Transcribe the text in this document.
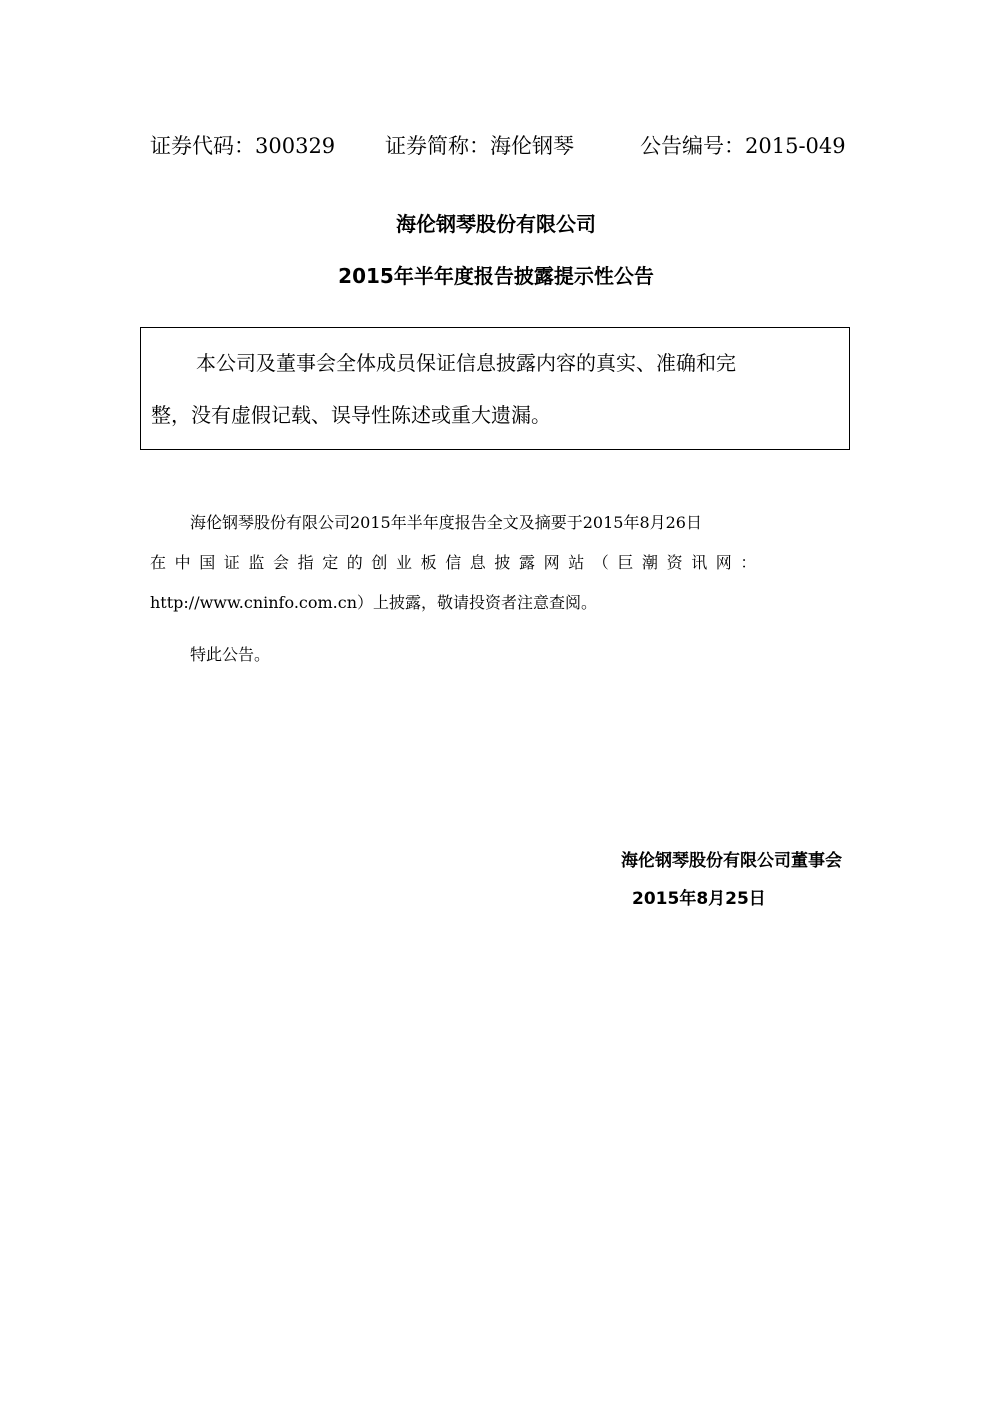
证券代码：300329 证券简称：海伦钢琴	公告编号：2015-049
海伦钢琴股份有限公司
2015年半年度报告披露提示性公告
本公司及董事会全体成员保证信息披露内容的真实、准确和完
整，没有虚假记载、误导性陈述或重大遗漏。
海伦钢琴股份有限公司2015年半年度报告全文及摘要于2015年8月26日
在中国证监会指定的创业板信息披露网站（巨潮资讯网：
http://www.cninfo.com.cn）上披露，敬请投资者注意查阅。
特此公告。
海伦钢琴股份有限公司董事会
2015年8月25日
